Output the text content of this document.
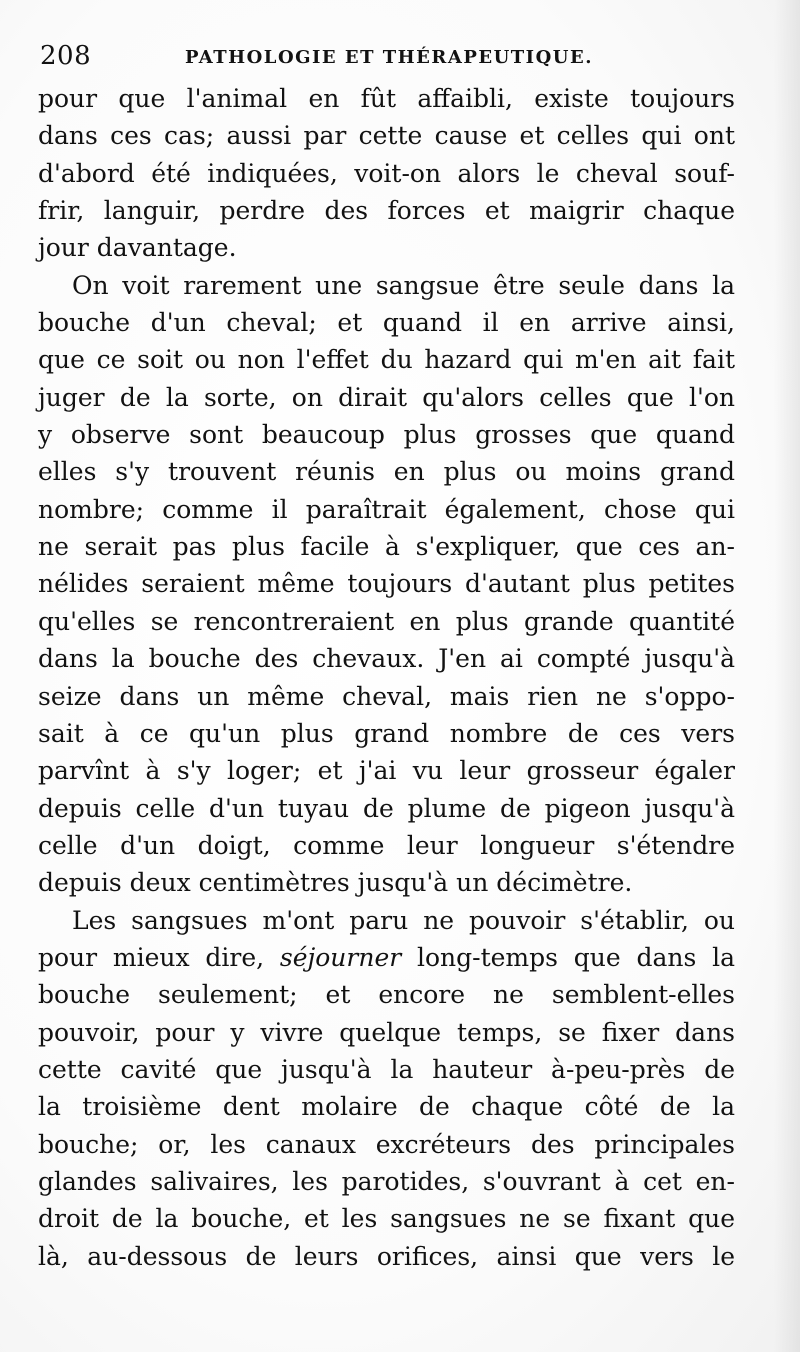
208	PATHOLOGIE ET THÉRAPEUTIQUE.
pour que l'animal en fût affaibli, existe toujours
dans ces cas; aussi par cette cause et celles qui ont
d'abord été indiquées, voit-on alors le cheval souf-
frir, languir, perdre des forces et maigrir chaque
jour davantage.
On voit rarement une sangsue être seule dans la
bouche d'un cheval; et quand il en arrive ainsi,
que ce soit ou non l'effet du hazard qui m'en ait fait
juger de la sorte, on dirait qu'alors celles que l'on
y observe sont beaucoup plus grosses que quand
elles s'y trouvent réunis en plus ou moins grand
nombre; comme il paraîtrait également, chose qui
ne serait pas plus facile à s'expliquer, que ces an-
nélides seraient même toujours d'autant plus petites
qu'elles se rencontreraient en plus grande quantité
dans la bouche des chevaux. J'en ai compté jusqu'à
seize dans un même cheval, mais rien ne s'oppo-
sait à ce qu'un plus grand nombre de ces vers
parvînt à s'y loger; et j'ai vu leur grosseur égaler
depuis celle d'un tuyau de plume de pigeon jusqu'à
celle d'un doigt, comme leur longueur s'étendre
depuis deux centimètres jusqu'à un décimètre.
Les sangsues m'ont paru ne pouvoir s'établir, ou
pour mieux dire, séjourner long-temps que dans la
bouche seulement; et encore ne semblent-elles
pouvoir, pour y vivre quelque temps, se fixer dans
cette cavité que jusqu'à la hauteur à-peu-près de
la troisième dent molaire de chaque côté de la
bouche; or, les canaux excréteurs des principales
glandes salivaires, les parotides, s'ouvrant à cet en-
droit de la bouche, et les sangsues ne se fixant que
là, au-dessous de leurs orifices, ainsi que vers le
